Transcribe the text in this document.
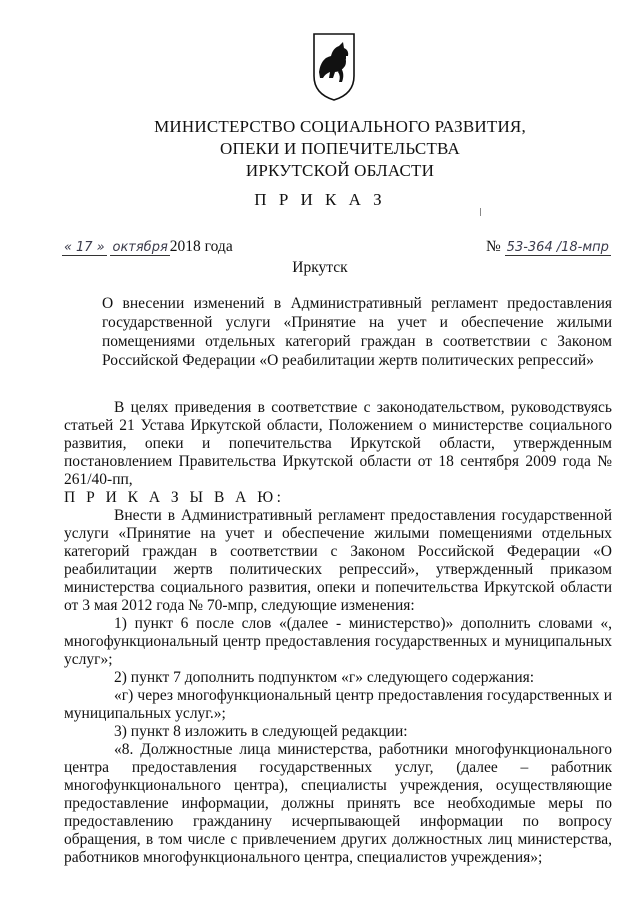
МИНИСТЕРСТВО СОЦИАЛЬНОГО РАЗВИТИЯ,
ОПЕКИ И ПОПЕЧИТЕЛЬСТВА
ИРКУТСКОЙ ОБЛАСТИ
П Р И К А З
« 17 » октября 2018 года	№ 53-364 /18-мпр
Иркутск
О внесении изменений в Административный регламент предоставления государственной услуги «Принятие на учет и обеспечение жилыми помещениями отдельных категорий граждан в соответствии с Законом Российской Федерации «О реабилитации жертв политических репрессий»

В целях приведения в соответствие с законодательством, руководствуясь статьей 21 Устава Иркутской области, Положением о министерстве социального развития, опеки и попечительства Иркутской области, утвержденным постановлением Правительства Иркутской области от 18 сентября 2009 года № 261/40-пп,

П Р И К А З Ы В А Ю:

Внести в Административный регламент предоставления государственной услуги «Принятие на учет и обеспечение жилыми помещениями отдельных категорий граждан в соответствии с Законом Российской Федерации «О реабилитации жертв политических репрессий», утвержденный приказом министерства социального развития, опеки и попечительства Иркутской области от 3 мая 2012 года № 70-мпр, следующие изменения:

1) пункт 6 после слов «(далее - министерство)» дополнить словами «, многофункциональный центр предоставления государственных и муниципальных услуг»;

2) пункт 7 дополнить подпунктом «г» следующего содержания:

«г) через многофункциональный центр предоставления государственных и муниципальных услуг.»;

3) пункт 8 изложить в следующей редакции:

«8. Должностные лица министерства, работники многофункционального центра предоставления государственных услуг, (далее – работник многофункционального центра), специалисты учреждения, осуществляющие предоставление информации, должны принять все необходимые меры по предоставлению гражданину исчерпывающей информации по вопросу обращения, в том числе с привлечением других должностных лиц министерства, работников многофункционального центра, специалистов учреждения»;
